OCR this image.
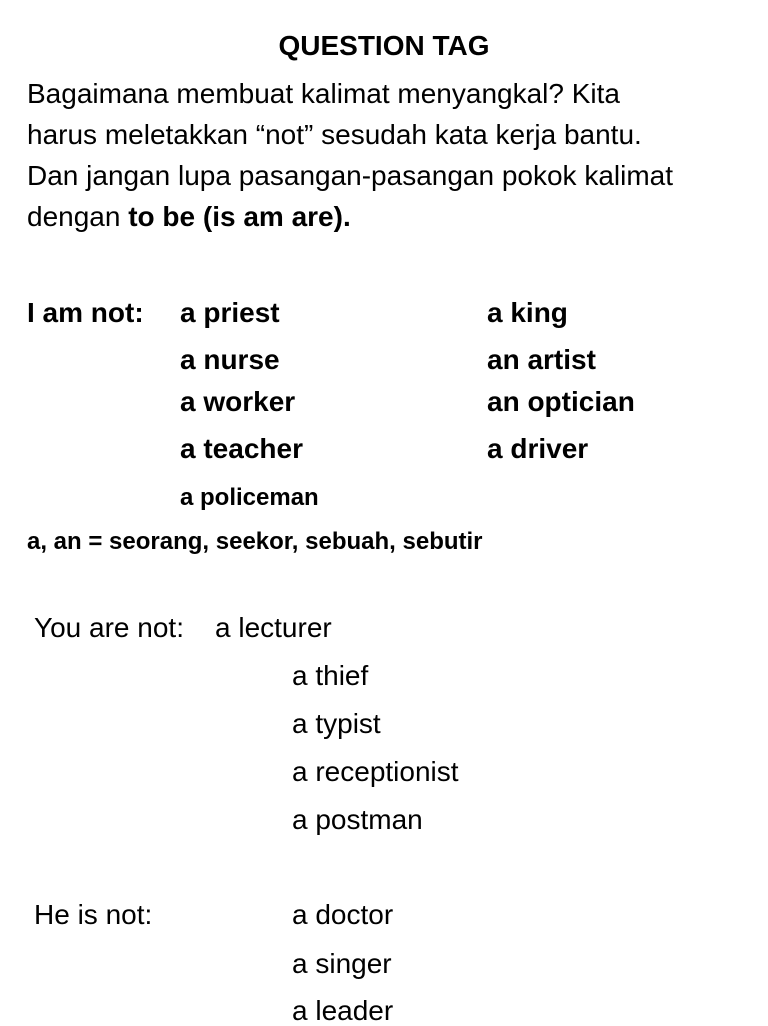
QUESTION TAG
Bagaimana membuat kalimat menyangkal? Kita
harus meletakkan “not” sesudah kata kerja bantu.
Dan jangan lupa pasangan-pasangan pokok kalimat
dengan to be (is am are).
I am not: a priest
a nurse
a worker
a teacher
a king
an artist
an optician
a driver
a policeman
a, an = seorang, seekor, sebuah, sebutir
You are not: a lecturer
a thief
a typist
a receptionist
a postman
He is not:	a doctor
a singer
a leader
